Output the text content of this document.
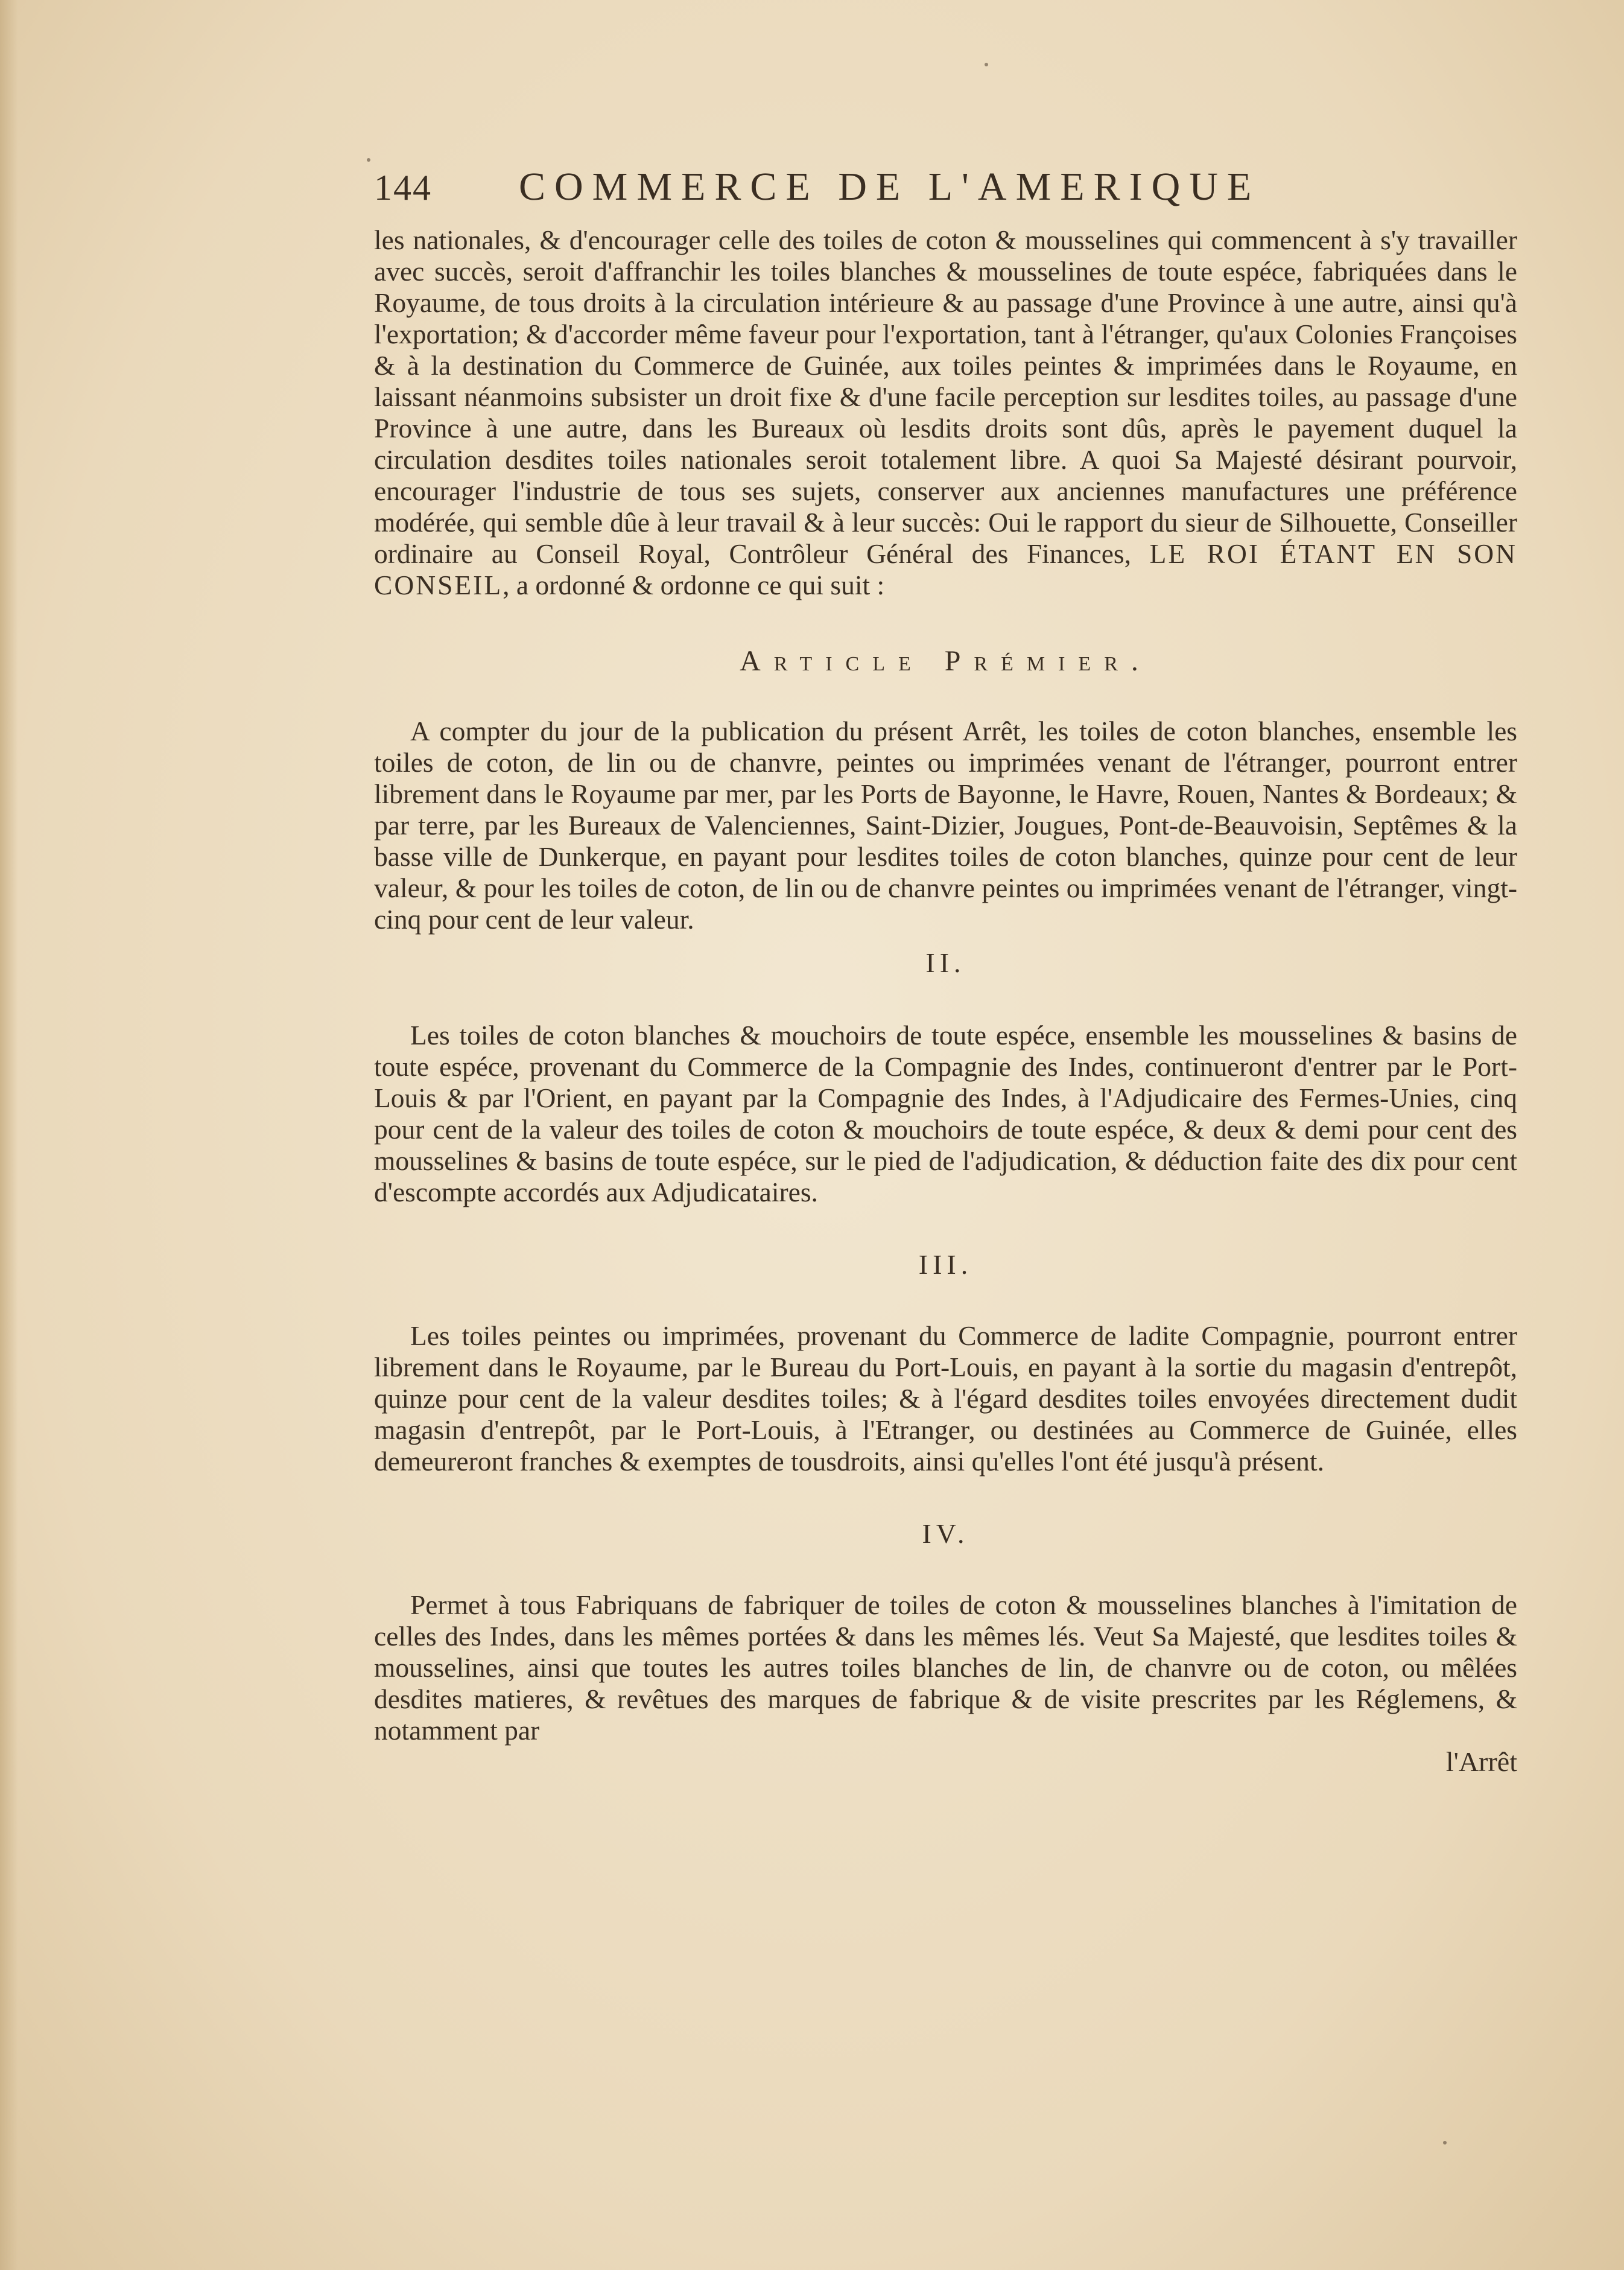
144	COMMERCE DE L'AMERIQUE

les nationales, & d'encourager celle des toiles de coton & mousselines qui commencent à s'y travailler avec succès, seroit d'affranchir les toiles blanches & mousselines de toute espéce, fabriquées dans le Royaume, de tous droits à la circulation intérieure & au passage d'une Province à une autre, ainsi qu'à l'exportation; & d'accorder même faveur pour l'exportation, tant à l'étranger, qu'aux Colonies Françoises & à la destination du Commerce de Guinée, aux toiles peintes & imprimées dans le Royaume, en laissant néanmoins subsister un droit fixe & d'une facile perception sur lesdites toiles, au passage d'une Province à une autre, dans les Bureaux où lesdits droits sont dûs, après le payement duquel la circulation desdites toiles nationales seroit totalement libre. A quoi Sa Majesté désirant pourvoir, encourager l'industrie de tous ses sujets, conserver aux anciennes manufactures une préférence modérée, qui semble dûe à leur travail & à leur succès: Oui le rapport du sieur de Silhouette, Conseiller ordinaire au Conseil Royal, Contrôleur Général des Finances, LE ROI ÉTANT EN SON CONSEIL, a ordonné & ordonne ce qui suit :

Article Prémier.

A compter du jour de la publication du présent Arrêt, les toiles de coton blanches, ensemble les toiles de coton, de lin ou de chanvre, peintes ou imprimées venant de l'étranger, pourront entrer librement dans le Royaume par mer, par les Ports de Bayonne, le Havre, Rouen, Nantes & Bordeaux; & par terre, par les Bureaux de Valenciennes, Saint-Dizier, Jougues, Pont-de-Beauvoisin, Septêmes & la basse ville de Dunkerque, en payant pour lesdites toiles de coton blanches, quinze pour cent de leur valeur, & pour les toiles de coton, de lin ou de chanvre peintes ou imprimées venant de l'étranger, vingt-cinq pour cent de leur valeur.

II.

Les toiles de coton blanches & mouchoirs de toute espéce, ensemble les mousselines & basins de toute espéce, provenant du Commerce de la Compagnie des Indes, continueront d'entrer par le Port-Louis & par l'Orient, en payant par la Compagnie des Indes, à l'Adjudicaire des Fermes-Unies, cinq pour cent de la valeur des toiles de coton & mouchoirs de toute espéce, & deux & demi pour cent des mousselines & basins de toute espéce, sur le pied de l'adjudication, & déduction faite des dix pour cent d'escompte accordés aux Adjudicataires.

III.

Les toiles peintes ou imprimées, provenant du Commerce de ladite Compagnie, pourront entrer librement dans le Royaume, par le Bureau du Port-Louis, en payant à la sortie du magasin d'entrepôt, quinze pour cent de la valeur desdites toiles; & à l'égard desdites toiles envoyées directement dudit magasin d'entrepôt, par le Port-Louis, à l'Etranger, ou destinées au Commerce de Guinée, elles demeureront franches & exemptes de tousdroits, ainsi qu'elles l'ont été jusqu'à présent.

IV.

Permet à tous Fabriquans de fabriquer de toiles de coton & mousselines blanches à l'imitation de celles des Indes, dans les mêmes portées & dans les mêmes lés. Veut Sa Majesté, que lesdites toiles & mousselines, ainsi que toutes les autres toiles blanches de lin, de chanvre ou de coton, ou mêlées desdites matieres, & revêtues des marques de fabrique & de visite prescrites par les Réglemens, & notamment par

l'Arrêt
